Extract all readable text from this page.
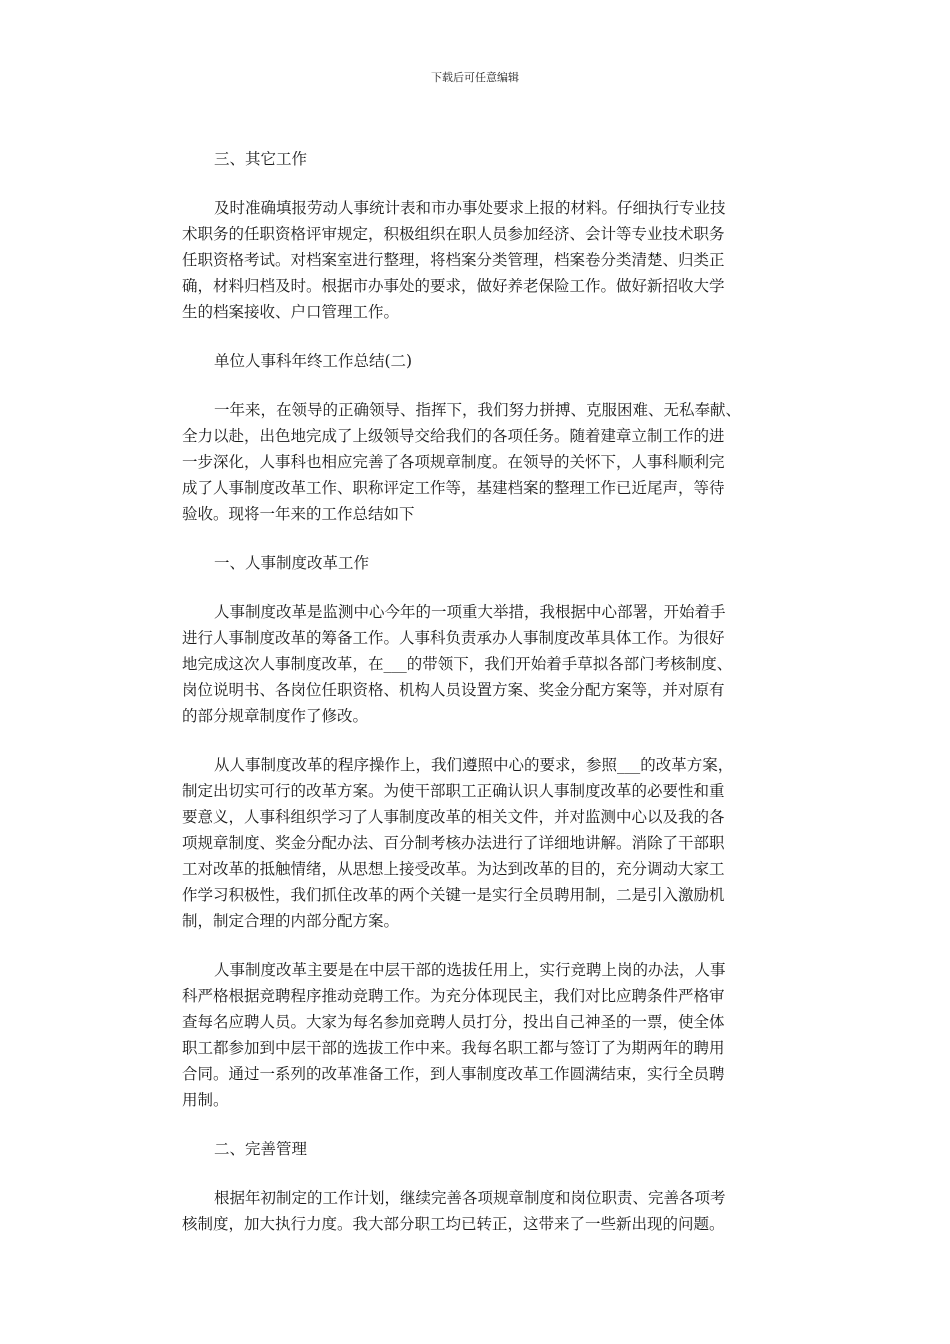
下载后可任意编辑

三、其它工作

及时准确填报劳动人事统计表和市办事处要求上报的材料。仔细执行专业技
术职务的任职资格评审规定，积极组织在职人员参加经济、会计等专业技术职务
任职资格考试。对档案室进行整理，将档案分类管理，档案卷分类清楚、归类正
确，材料归档及时。根据市办事处的要求，做好养老保险工作。做好新招收大学
生的档案接收、户口管理工作。

单位人事科年终工作总结(二)

一年来，在领导的正确领导、指挥下，我们努力拼搏、克服困难、无私奉献、
全力以赴，出色地完成了上级领导交给我们的各项任务。随着建章立制工作的进
一步深化，人事科也相应完善了各项规章制度。在领导的关怀下，人事科顺利完
成了人事制度改革工作、职称评定工作等，基建档案的整理工作已近尾声，等待
验收。现将一年来的工作总结如下

一、人事制度改革工作

人事制度改革是监测中心今年的一项重大举措，我根据中心部署，开始着手
进行人事制度改革的筹备工作。人事科负责承办人事制度改革具体工作。为很好
地完成这次人事制度改革，在___的带领下，我们开始着手草拟各部门考核制度、
岗位说明书、各岗位任职资格、机构人员设置方案、奖金分配方案等，并对原有
的部分规章制度作了修改。
从人事制度改革的程序操作上，我们遵照中心的要求，参照___的改革方案，
制定出切实可行的改革方案。为使干部职工正确认识人事制度改革的必要性和重
要意义，人事科组织学习了人事制度改革的相关文件，并对监测中心以及我的各
项规章制度、奖金分配办法、百分制考核办法进行了详细地讲解。消除了干部职
工对改革的抵触情绪，从思想上接受改革。为达到改革的目的，充分调动大家工
作学习积极性，我们抓住改革的两个关键一是实行全员聘用制，二是引入激励机
制，制定合理的内部分配方案。
人事制度改革主要是在中层干部的选拔任用上，实行竞聘上岗的办法，人事
科严格根据竞聘程序推动竞聘工作。为充分体现民主，我们对比应聘条件严格审
查每名应聘人员。大家为每名参加竞聘人员打分，投出自己神圣的一票，使全体
职工都参加到中层干部的选拔工作中来。我每名职工都与签订了为期两年的聘用
合同。通过一系列的改革准备工作，到人事制度改革工作圆满结束，实行全员聘
用制。

二、完善管理

根据年初制定的工作计划，继续完善各项规章制度和岗位职责、完善各项考
核制度，加大执行力度。我大部分职工均已转正，这带来了一些新出现的问题。
